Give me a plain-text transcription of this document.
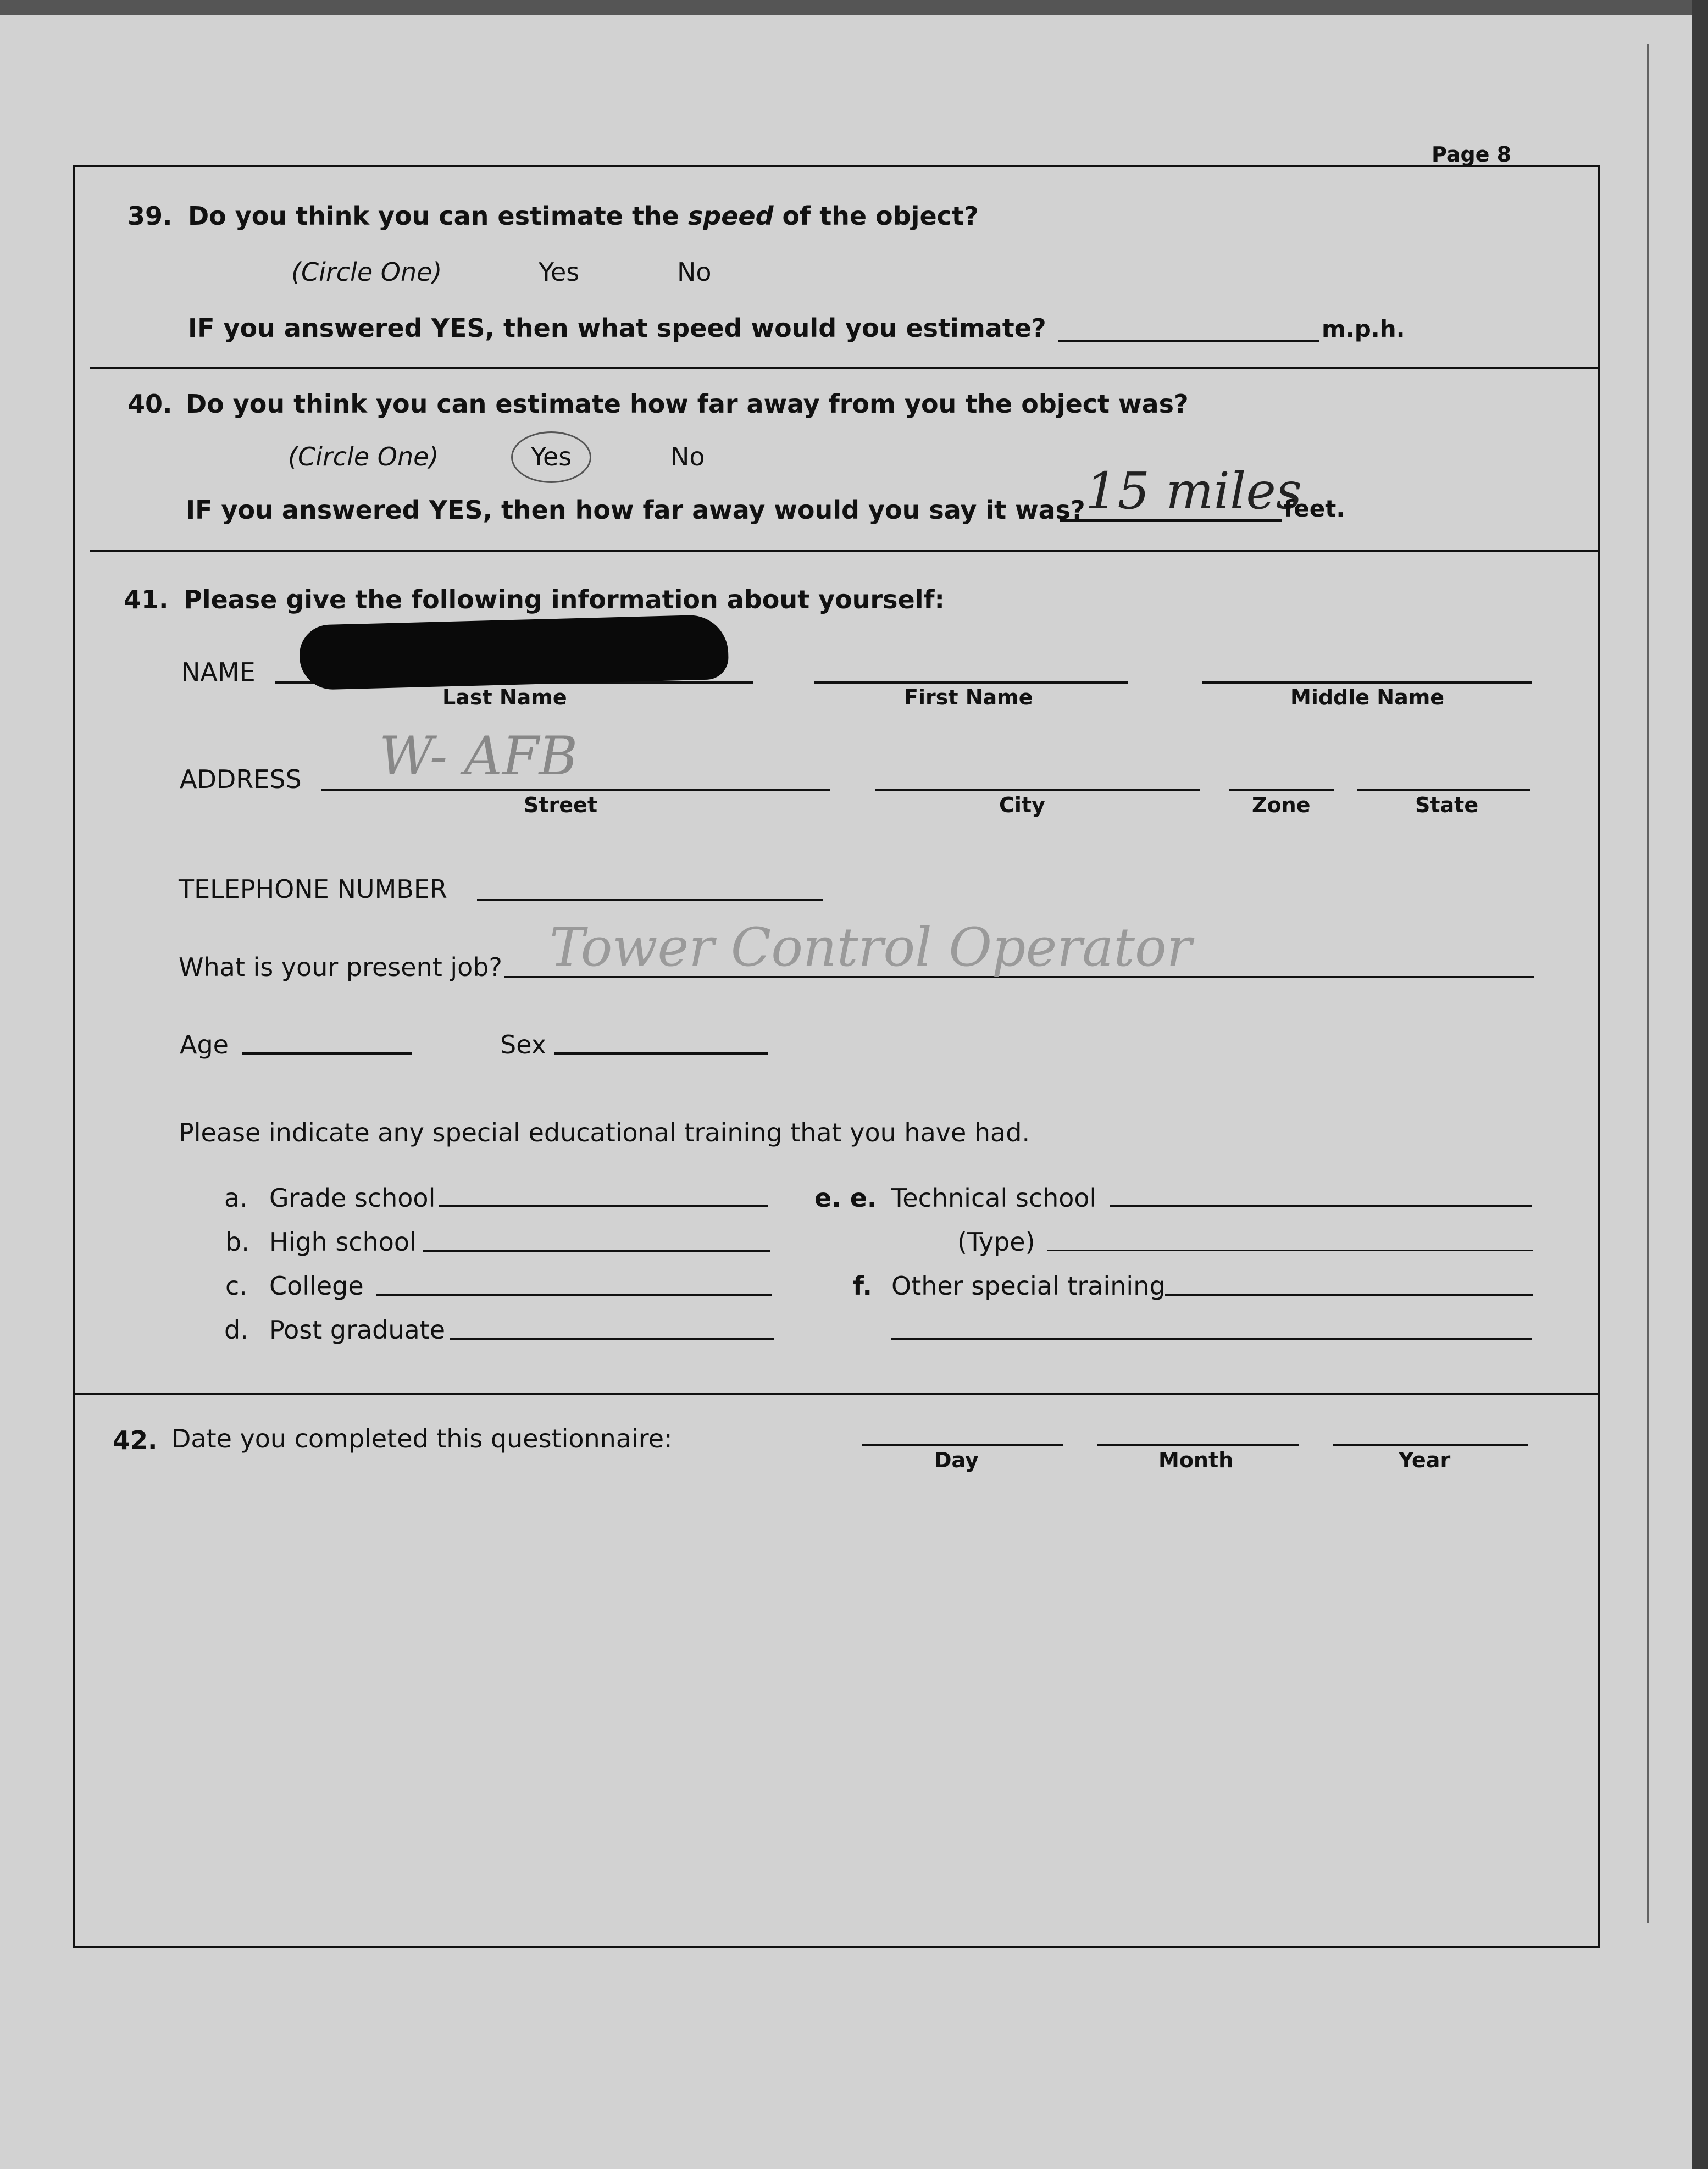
Page 8
39. Do you think you can estimate the speed of the object?
(Circle One)	Yes	No
IF you answered YES, then what speed would you estimate?	m.p.h.
40. Do you think you can estimate how far away from you the object was?
(Circle One)	Yes	No
IF you answered YES, then how far away would you say it was? 15 miles
feet.
41. Please give the following information about yourself:
NAME
Last Name	First Name	Middle Name
ADDRESS W- AFB
Street	City	Zone	State
TELEPHONE NUMBER
What is your present job? Tower Control Operator
Age	Sex
Please indicate any special educational training that you have had.
a. Grade school
b. High school
c. College
d. Post graduate
e. e. Technical school
(Type)
f. Other special training
42. Date you completed this questionnaire:
Day	Month	Year
